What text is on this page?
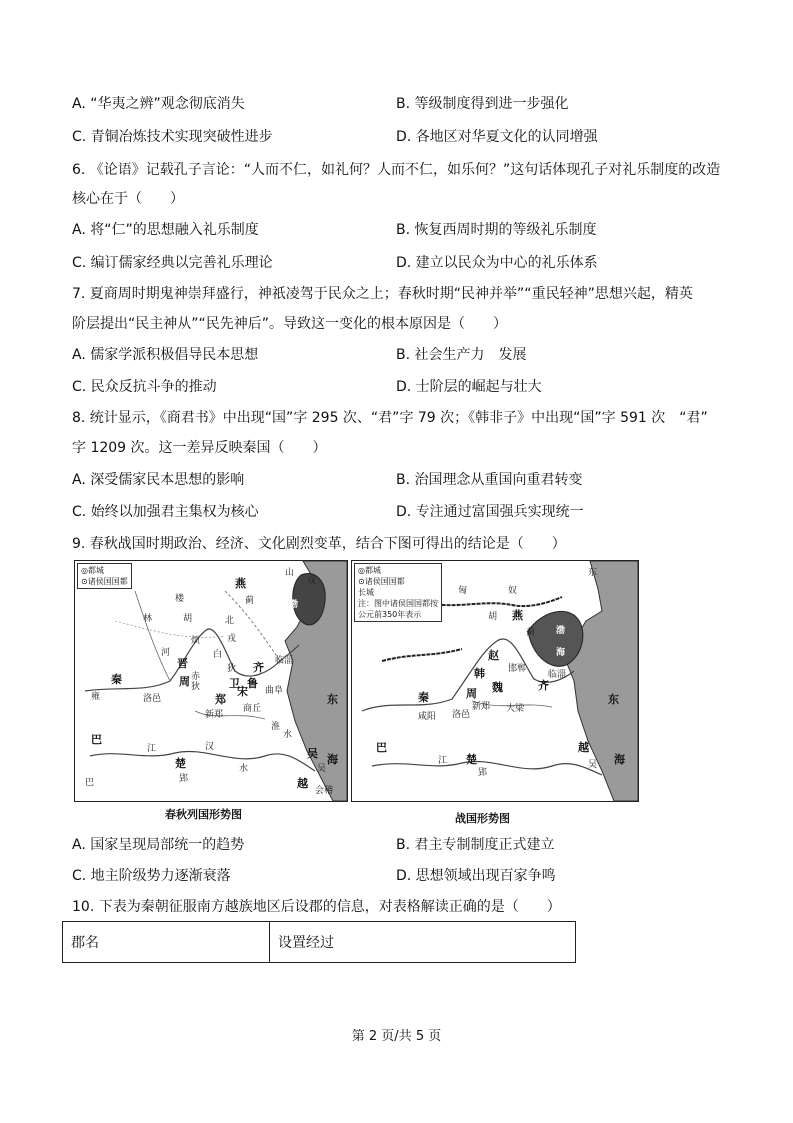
A. “华夷之辨”观念彻底消失	B. 等级制度得到进一步强化
C. 青铜冶炼技术实现突破性进步	D. 各地区对华夏文化的认同增强
6. 《论语》记载孔子言论：“人而不仁，如礼何？人而不仁，如乐何？”这句话体现孔子对礼乐制度的改造
核心在于（　　）
A. 将“仁”的思想融入礼乐制度	B. 恢复西周时期的等级礼乐制度
C. 编订儒家经典以完善礼乐理论	D. 建立以民众为中心的礼乐体系
7. 夏商周时期鬼神崇拜盛行，神祇凌驾于民众之上；春秋时期“民神并举”“重民轻神”思想兴起，精英
阶层提出“民主神从”“民先神后”。导致这一变化的根本原因是（　　）
A. 儒家学派积极倡导民本思想	B. 社会生产力　发展
C. 民众反抗斗争的推动	D. 士阶层的崛起与壮大
8. 统计显示，《商君书》中出现“国”字 295 次、“君”字 79 次；《韩非子》中出现“国”字 591 次　“君”
字 1209 次。这一差异反映秦国（　　）
A. 深受儒家民本思想的影响	B. 治国理念从重国向重君转变
C. 始终以加强君主集权为核心	D. 专注通过富国强兵实现统一
9. 春秋战国时期政治、经济、文化剧烈变革，结合下图可得出的结论是（　　）
◎都城
⊙诸侯国国都
山
戎
燕
蓟
楼
林	胡
烦
北
河
戎
白
狄
渤
海
晋
赤
狄	卫
齐 临淄
鲁
曲阜
秦
雍
周
洛邑	郑
宋
新郑
商丘
东
海
巴
江
楚
郢
吴
越
淮
水
汉
水	吴
会稽
巴
春秋列国形势图
◎都城
⊙诸侯国国都
长城
注：图中诸侯国国都按公元前350年表示
东
匈	奴
胡 燕
蓟 渤
海
赵
邯郸
临淄
齐
魏
大梁
韩
新郑
秦
咸阳
周
洛邑
东
海
楚
郢
越
吴
巴
江
战国形势图
A. 国家呈现局部统一的趋势	B. 君主专制制度正式建立
C. 地主阶级势力逐渐衰落	D. 思想领域出现百家争鸣
10. 下表为秦朝征服南方越族地区后设郡的信息，对表格解读正确的是（　　）
郡名	设置经过
第 2 页/共 5 页
